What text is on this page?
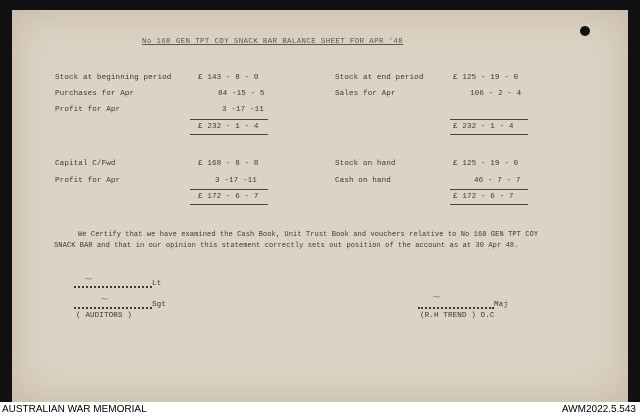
No 168 GEN TPT COY SNACK BAR BALANCE SHEET FOR APR '48
Stock at beginning period	£ 143 - 8 - 0
Purchases for Apr	84 -15 - 5
Profit for Apr	3 -17 -11
£ 232 - 1 - 4
Stock at end period	£ 125 - 19 - 0
Sales for Apr	106 - 2 - 4
£ 232 - 1 - 4
Capital C/Fwd	£ 168 - 8 - 8
Profit for Apr	3 -17 -11
£ 172 - 6 - 7
Stock on hand	£ 125 - 19 - 0
Cash on hand	46 - 7 - 7
£ 172 - 6 - 7
We Certify that we have examined the Cash Book, Unit Trust Book and vouchers relative to No 168 GEN TPT COY
SNACK BAR and that in our opinion this statement correctly sets out position of the account as at 30 Apr 48.
~	Lt
~	Sgt
( AUDITORS )
~
Maj
(R.H TREND ) O.C
AUSTRALIAN WAR MEMORIAL	AWM2022.5.543
